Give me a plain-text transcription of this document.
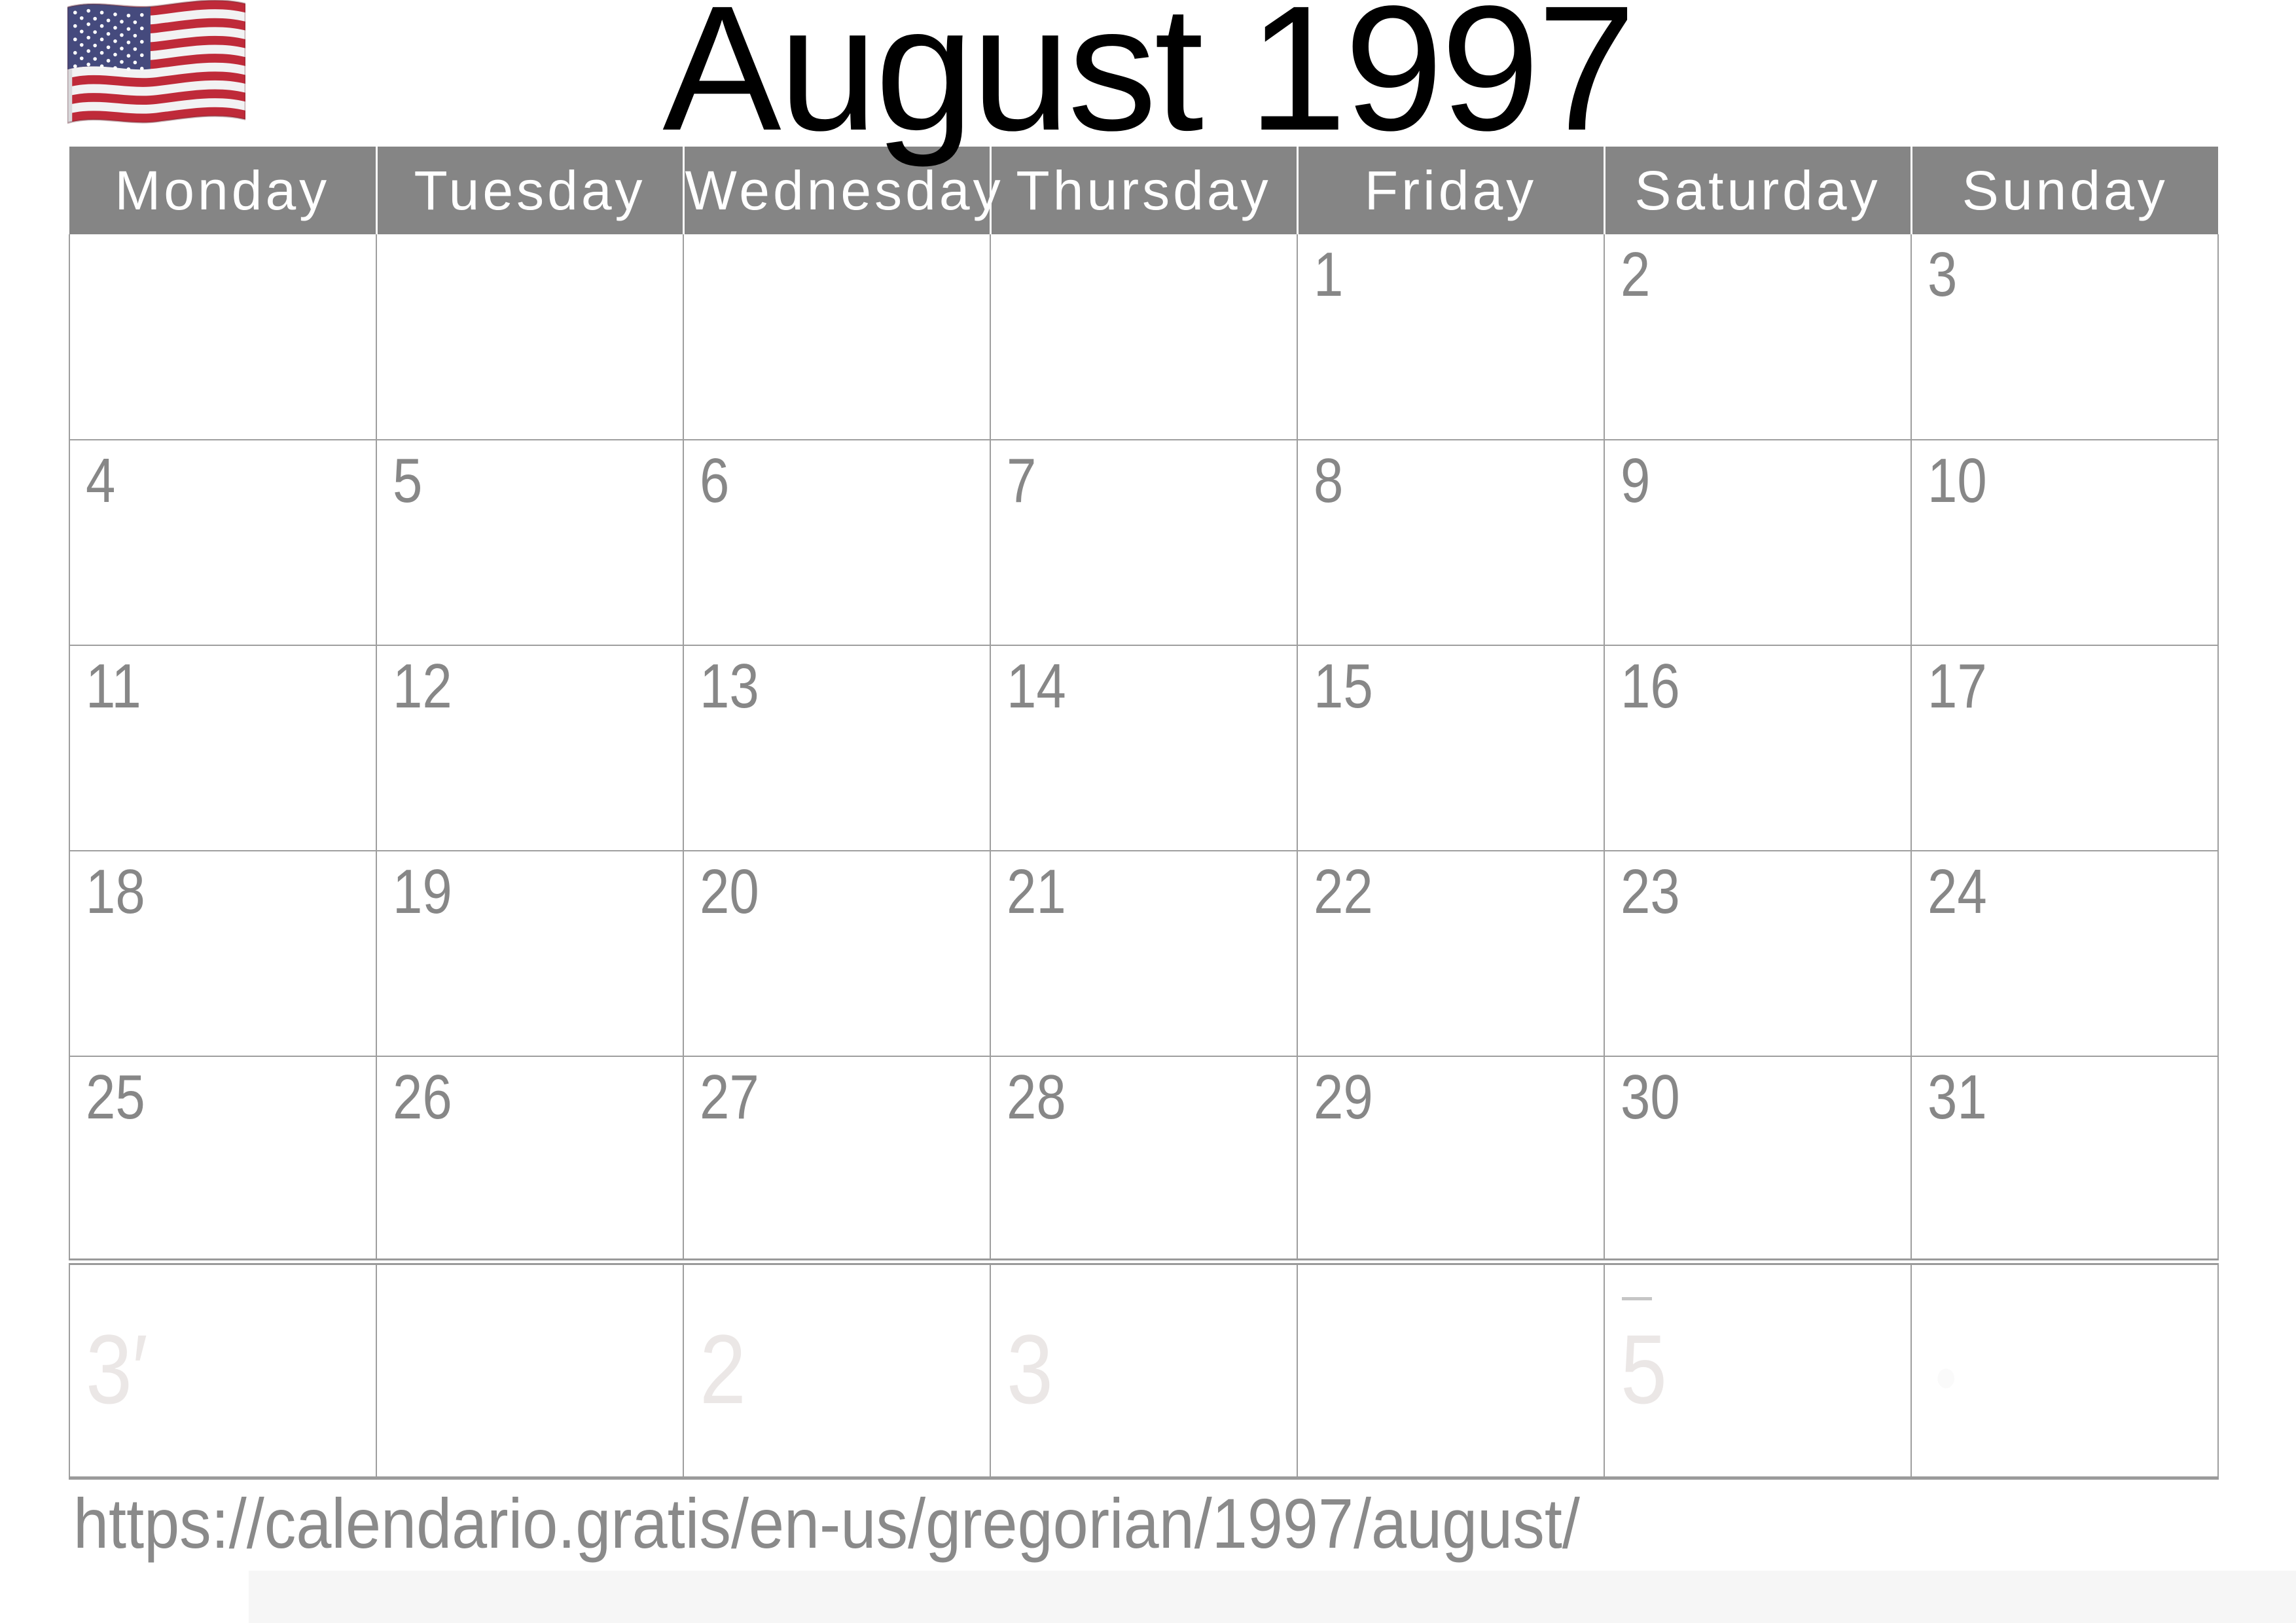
August 1997
Monday	Tuesday	Wednesday	Thursday	Friday	Saturday	Sunday
				1	2	3
4	5	6	7	8	9	10
11	12	13	14	15	16	17
18	19	20	21	22	23	24
25	26	27	28	29	30	31
3′		2	3		5	●
https://calendario.gratis/en-us/gregorian/1997/august/
